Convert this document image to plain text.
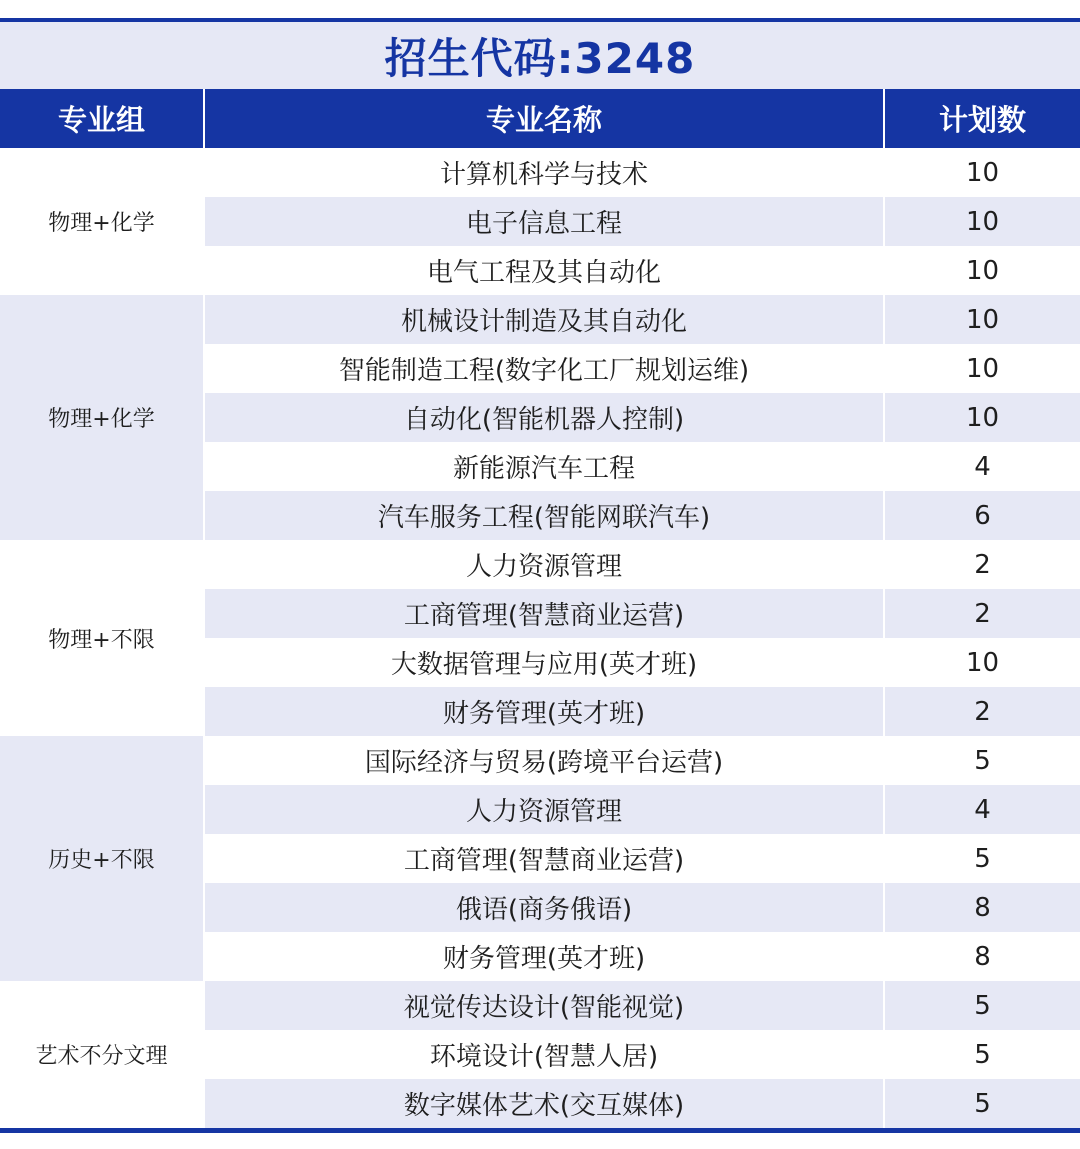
招生代码:3248
专业组	专业名称	计划数
物理+化学	计算机科学与技术	10
	电子信息工程	10
	电气工程及其自动化	10
物理+化学	机械设计制造及其自动化	10
	智能制造工程(数字化工厂规划运维)	10
	自动化(智能机器人控制)	10
	新能源汽车工程	4
	汽车服务工程(智能网联汽车)	6
物理+不限	人力资源管理	2
	工商管理(智慧商业运营)	2
	大数据管理与应用(英才班)	10
	财务管理(英才班)	2
历史+不限	国际经济与贸易(跨境平台运营)	5
	人力资源管理	4
	工商管理(智慧商业运营)	5
	俄语(商务俄语)	8
	财务管理(英才班)	8
艺术不分文理	视觉传达设计(智能视觉)	5
	环境设计(智慧人居)	5
	数字媒体艺术(交互媒体)	5
